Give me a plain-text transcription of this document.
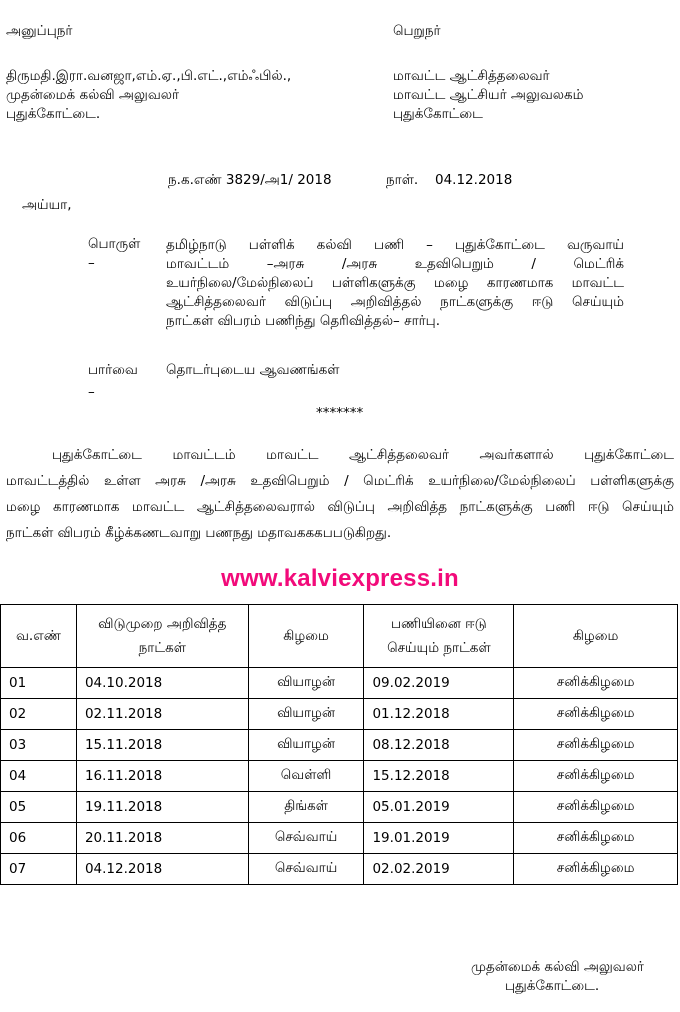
அனுப்புநர்	பெறுநர்
திருமதி.இரா.வனஜா,எம்.ஏ.,பி.எட்.,எம்ஃபில்.,
முதன்மைக் கல்வி அலுவலர்
புதுக்கோட்டை.
மாவட்ட ஆட்சித்தலைவர்
மாவட்ட ஆட்சியர் அலுவலகம்
புதுக்கோட்டை
ந.க.எண் 3829/அ1/ 2018	நாள். 04.12.2018
அய்யா,
பொருள்
–
தமிழ்நாடு பள்ளிக் கல்வி பணி – புதுக்கோட்டை வருவாய்
மாவட்டம் –அரசு /அரசு உதவிபெறும் / மெட்ரிக்
உயர்நிலை/மேல்நிலைப் பள்ளிகளுக்கு மழை காரணமாக மாவட்ட
ஆட்சித்தலைவர் விடுப்பு அறிவித்தல் நாட்களுக்கு ஈடு செய்யும்
நாட்கள் விபரம் பணிந்து தெரிவித்தல்– சார்பு.
பார்வை
–
தொடர்புடைய ஆவணங்கள்
*******
புதுக்கோட்டை மாவட்டம் மாவட்ட ஆட்சித்தலைவர் அவர்களால் புதுக்கோட்டை
மாவட்டத்தில் உள்ள அரசு /அரசு உதவிபெறும் / மெட்ரிக் உயர்நிலை/மேல்நிலைப் பள்ளிகளுக்கு
மழை காரணமாக மாவட்ட ஆட்சித்தலைவரால் விடுப்பு அறிவித்த நாட்களுக்கு பணி ஈடு செய்யும்
நாட்கள் விபரம் கீழ்க்கணடவாறு பணநது மதாவகககபபடுகிறது.
www.kalviexpress.in
வ.எண்	விடுமுறை அறிவித்த நாட்கள்	கிழமை	பணியினை ஈடு செய்யும் நாட்கள்	கிழமை
01	04.10.2018	வியாழன்	09.02.2019	சனிக்கிழமை
02	02.11.2018	வியாழன்	01.12.2018	சனிக்கிழமை
03	15.11.2018	வியாழன்	08.12.2018	சனிக்கிழமை
04	16.11.2018	வெள்ளி	15.12.2018	சனிக்கிழமை
05	19.11.2018	திங்கள்	05.01.2019	சனிக்கிழமை
06	20.11.2018	செவ்வாய்	19.01.2019	சனிக்கிழமை
07	04.12.2018	செவ்வாய்	02.02.2019	சனிக்கிழமை
முதன்மைக் கல்வி அலுவலர்
புதுக்கோட்டை.
